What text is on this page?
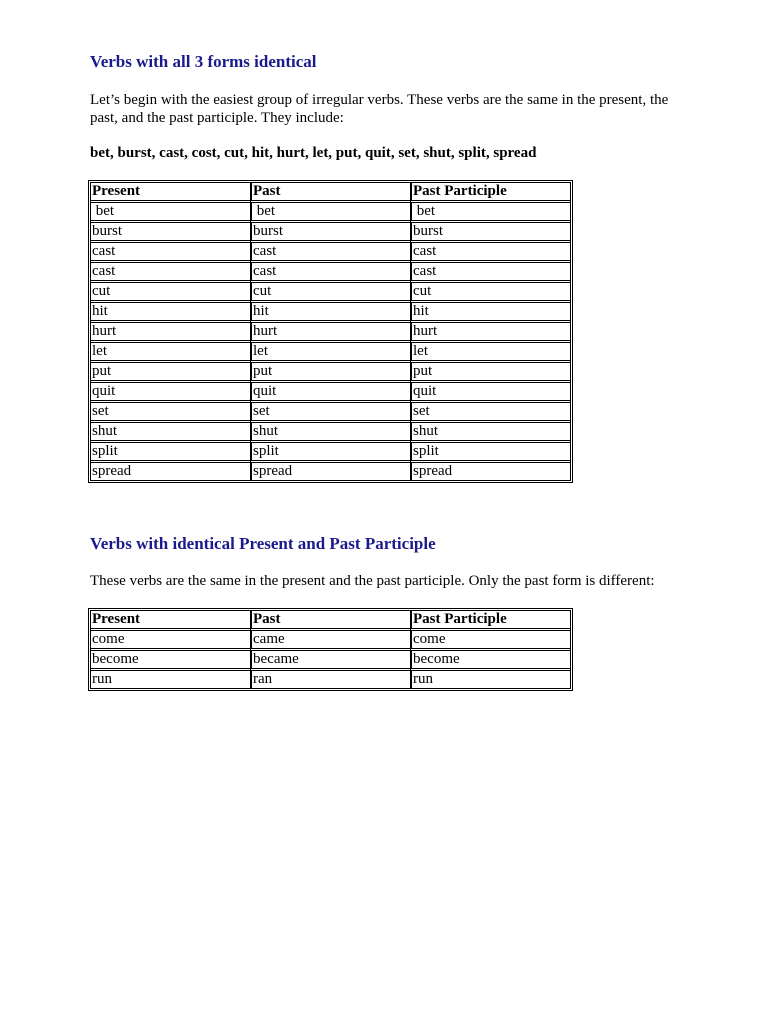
Verbs with all 3 forms identical
Let’s begin with the easiest group of irregular verbs. These verbs are the same in the present, the
past, and the past participle. They include:
bet, burst, cast, cost, cut, hit, hurt, let, put, quit, set, shut, split, spread
Present	Past	Past Participle
bet	bet	bet
burst	burst	burst
cast	cast	cast
cast	cast	cast
cut	cut	cut
hit	hit	hit
hurt	hurt	hurt
let	let	let
put	put	put
quit	quit	quit
set	set	set
shut	shut	shut
split	split	split
spread	spread	spread
Verbs with identical Present and Past Participle
These verbs are the same in the present and the past participle. Only the past form is different:
Present	Past	Past Participle
come	came	come
become	became	become
run	ran	run
